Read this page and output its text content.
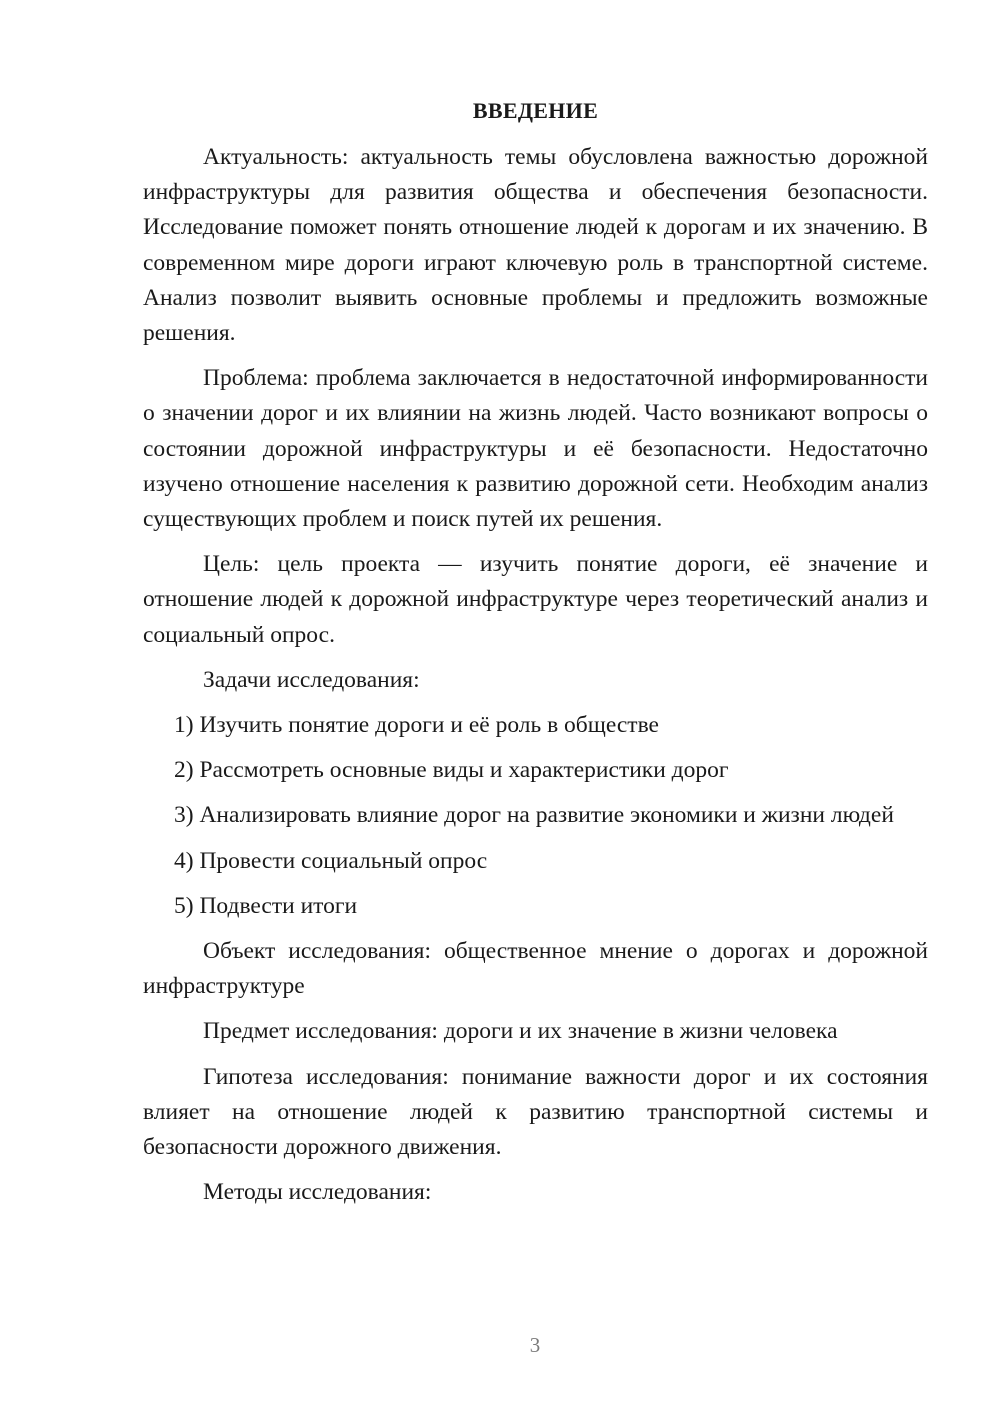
ВВЕДЕНИЕ

Актуальность: актуальность темы обусловлена важностью дорожной инфраструктуры для развития общества и обеспечения безопасности. Исследование поможет понять отношение людей к дорогам и их значению. В современном мире дороги играют ключевую роль в транспортной системе. Анализ позволит выявить основные проблемы и предложить возможные решения.

Проблема: проблема заключается в недостаточной информированности о значении дорог и их влиянии на жизнь людей. Часто возникают вопросы о состоянии дорожной инфраструктуры и её безопасности. Недостаточно изучено отношение населения к развитию дорожной сети. Необходим анализ существующих проблем и поиск путей их решения.

Цель: цель проекта — изучить понятие дороги, её значение и отношение людей к дорожной инфраструктуре через теоретический анализ и социальный опрос.

Задачи исследования:

1) Изучить понятие дороги и её роль в обществе

2) Рассмотреть основные виды и характеристики дорог

3) Анализировать влияние дорог на развитие экономики и жизни людей

4) Провести социальный опрос

5) Подвести итоги

Объект исследования: общественное мнение о дорогах и дорожной инфраструктуре

Предмет исследования: дороги и их значение в жизни человека

Гипотеза исследования: понимание важности дорог и их состояния влияет на отношение людей к развитию транспортной системы и безопасности дорожного движения.

Методы исследования:

3
